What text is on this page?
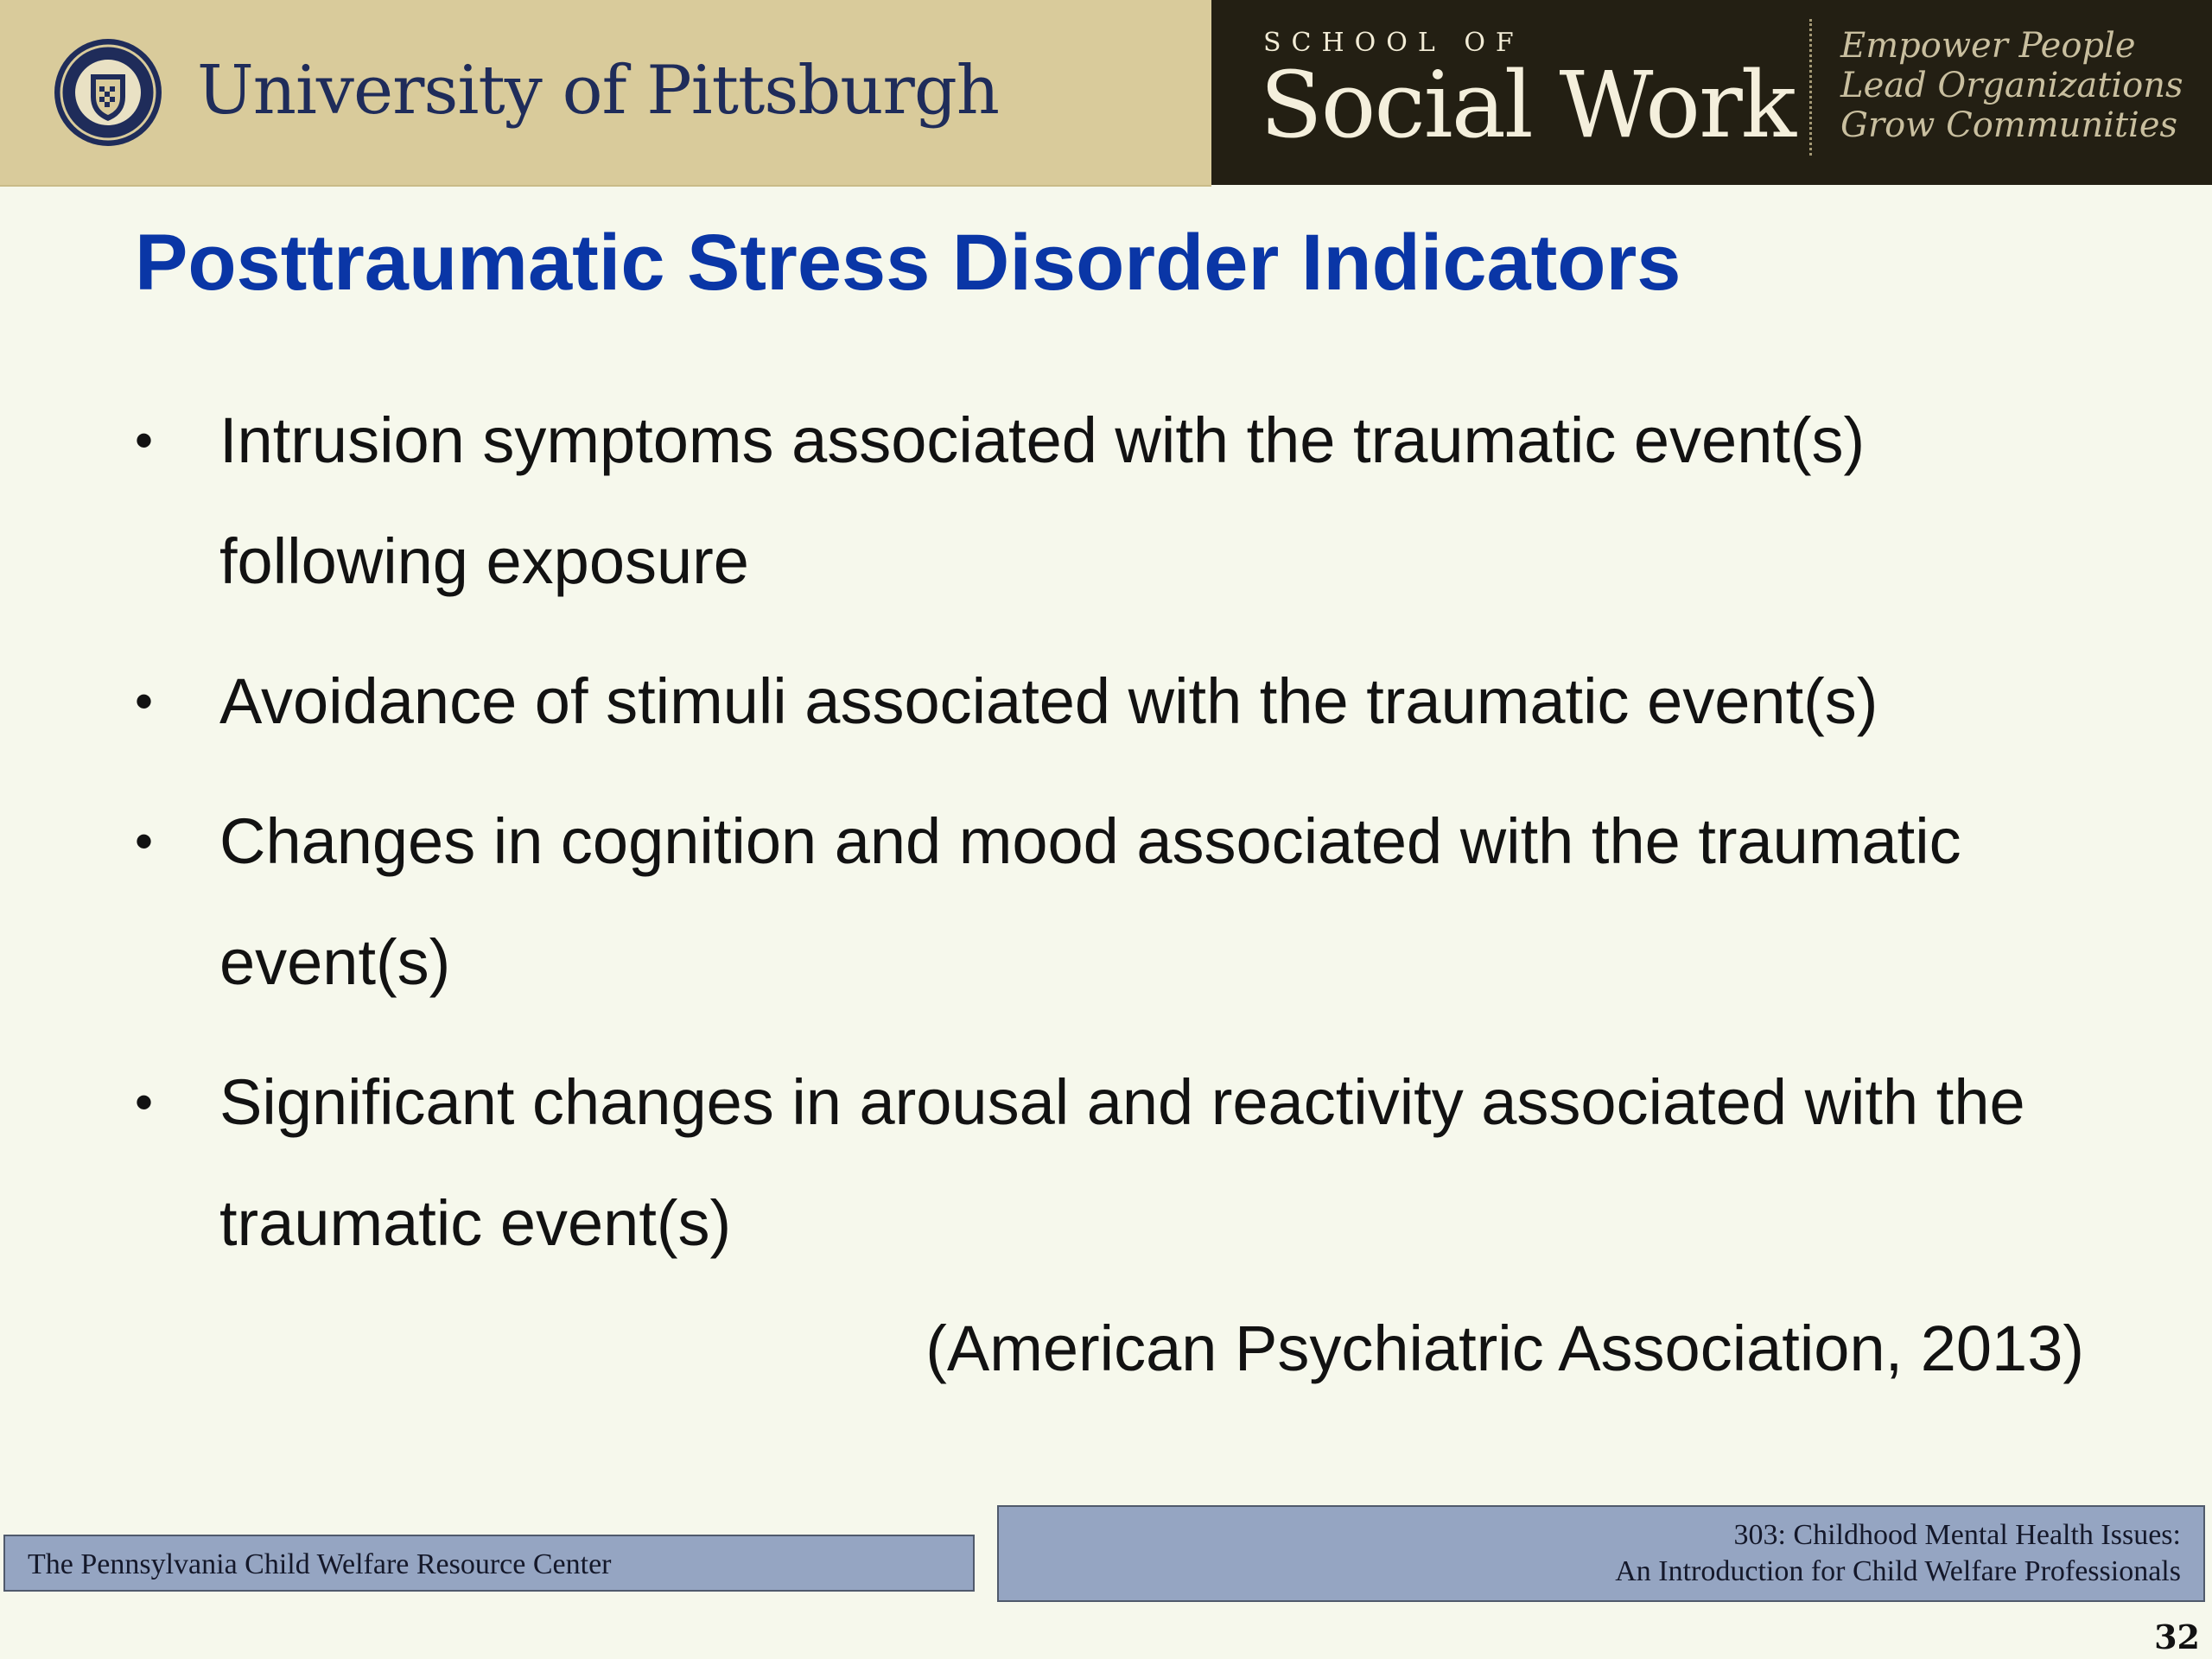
University of Pittsburgh
SCHOOL OF
Social Work
Empower People
Lead Organizations
Grow Communities
Posttraumatic Stress Disorder Indicators
• Intrusion symptoms associated with the traumatic event(s) following exposure
• Avoidance of stimuli associated with the traumatic event(s)
• Changes in cognition and mood associated with the traumatic event(s)
• Significant changes in arousal and reactivity associated with the traumatic event(s)
(American Psychiatric Association, 2013)
The Pennsylvania Child Welfare Resource Center
303: Childhood Mental Health Issues:
An Introduction for Child Welfare Professionals
32
